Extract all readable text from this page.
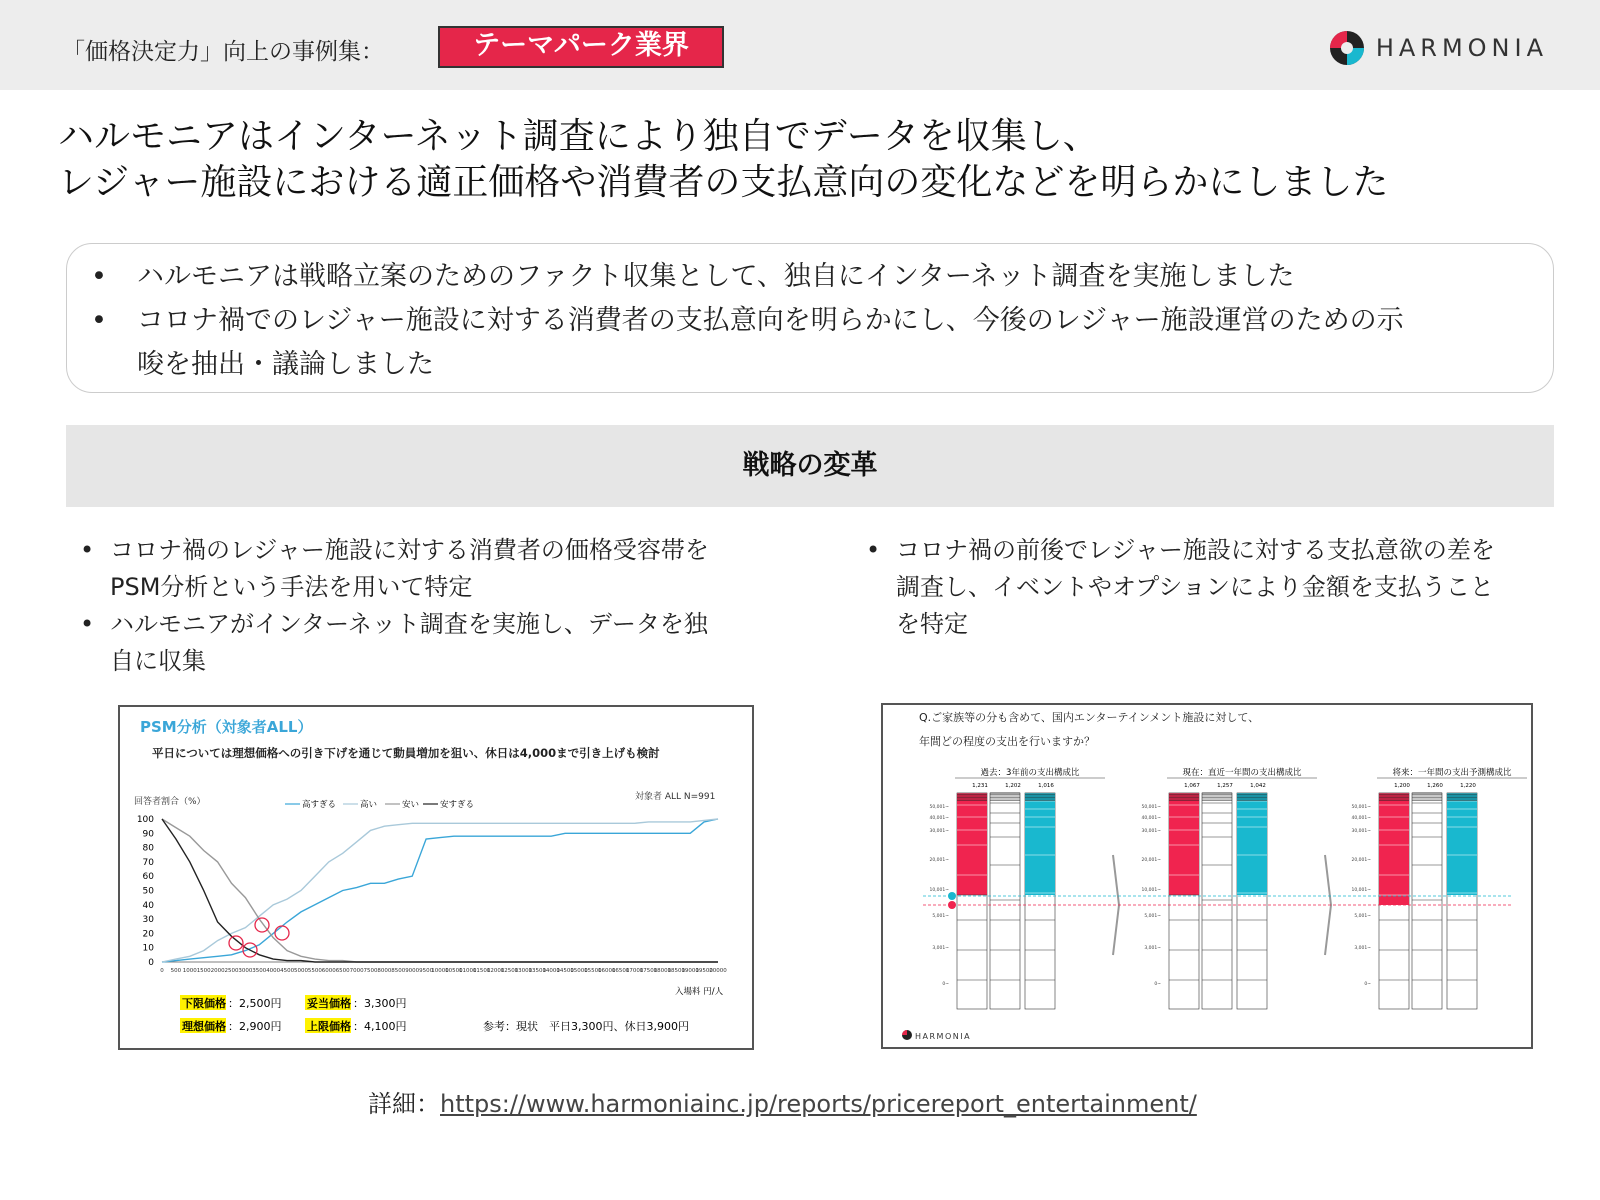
「価格決定力」向上の事例集：	テーマパーク業界	HARMONIA
ハルモニアはインターネット調査により独自でデータを収集し、
レジャー施設における適正価格や消費者の支払意向の変化などを明らかにしました
• ハルモニアは戦略立案のためのファクト収集として、独自にインターネット調査を実施しました
• コロナ禍でのレジャー施設に対する消費者の支払意向を明らかにし、今後のレジャー施設運営のための示
唆を抽出・議論しました
戦略の変革
• コロナ禍のレジャー施設に対する消費者の価格受容帯を
PSM分析という手法を用いて特定
• ハルモニアがインターネット調査を実施し、データを独
自に収集
• コロナ禍の前後でレジャー施設に対する支払意欲の差を
調査し、イベントやオプションにより金額を支払うこと
を特定
PSM分析（対象者ALL）
平日については理想価格への引き下げを通じて動員増加を狙い、休日は4,000まで引き上げも検討
回答者割合（%）	対象者 ALL N=991
高すぎる	高い	安い 安すぎる
0
10
20
30
40
50
60
70
80
90
100
0 500 1000 1500 2000 2500 3000 3500 4000 4500 5000 5500 6000 6500 7000 7500 8000 8500 9000 9500
10000
10500
11000
11500
12000
12500
13000
13500
14000
14500
15000
15500
16000
16500
17000
17500
18000
18500
19000
19500
20000
入場料 円/人
下限価格 ：2,500円 妥当価格 ：3,300円
理想価格 ：2,900円 上限価格 ：4,100円	参考：現状　平日3,300円、休日3,900円
Q.ご家族等の分も含めて、国内エンターテインメント施設に対して、
年間どの程度の支出を行いますか？
過去：3年前の支出構成比
1,231	1,202	1,016
50,001~
40,001~
30,001~
20,001~
10,001~
5,001~
3,001~
0~
現在：直近一年間の支出構成比
1,067	1,257	1,042
50,001~
40,001~
30,001~
20,001~
10,001~
5,001~
3,001~
0~
将来：一年間の支出予測構成比
1,200	1,260	1,220
50,001~
40,001~
30,001~
20,001~
10,001~
5,001~
3,001~
0~
HARMONIA
詳細：https://www.harmoniainc.jp/reports/pricereport_entertainment/
